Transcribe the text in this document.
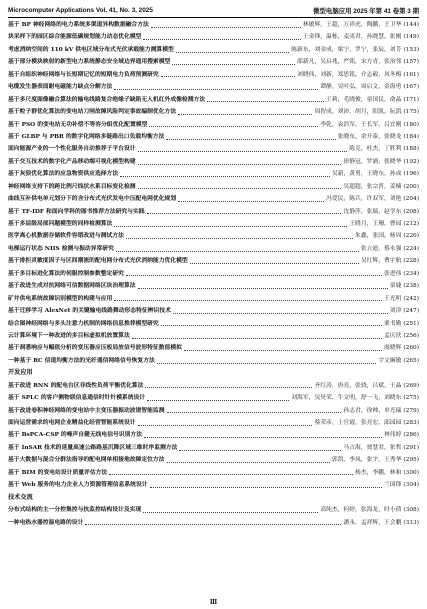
Microcomputer Applications Vol. 41, No. 3, 2025	微型电脑应用 2025 年第 41 卷第 3 期
基于 BP 神经网络的电力系统多渠道异构数据融合方法	林敏辉，王超，万祥虎，陶鹏，王卫华 (144)
块采样下的园区综合能源低碳规划能力动态优化模型	王金锋，温栋，麦夷君，孙晓慧，张刚 (149)
考虑消纳空间的 110 kV 供电区域分布式光伏承载能力测算模型	陈新东，刘金成，梁宁，罗宁，张辰，刘芳 (153)
基于部分模块映射的新型电力系统静态安全域边界通用搜索模型	邵新凡，吴启兆，严铭，宋方青，张治邻 (157)
基于自组织神经网络与长短期记忆的短期电力负荷预测研究	刘晓伟，刘新，郑思铭，介志毅，风冬梅 (161)
电缆发生器表面耐电磁能力缺点分解方法	谭静，吴叶弘，周启文，金海勇 (167)
基于多尺度图像融合算法的输电线路复合绝缘子缺陷无人机红外成像检测方法	王莉，毛晓俊，童国民，俞晶 (171)
基于粒子群优化算法的变电站刀闸故障风险判定事故编制优化方法	周智成，刘沛，胡月，阳凯，阮凯 (175)
基于 PSO 的变电站无功补偿不等容分组优化配置模型	李乾，袁浩军，王长军，吕宜刚 (180)
基于 GLBP 与 PBR 的数字化网络多链路出口负载均衡方法	张晓东，余开泰，张晓龙 (184)
面向能源产业的一个性化服务自动推荐子平台设计	陈竞，杜杰，丁胜利 (188)
基于交互技术的数字化产品移动端可视化模型构建	徐静冠，罗浦，张晓华 (192)
基于灰狼优化算法的应急物资供应选择方法	吴新，黄勇，王晓东，孙成 (196)
神经网络支持下的跨比例尺线状水系目标变化检测	吴超超，张宗普，姜楠 (200)
曲线互补供电单元划分下的含分布式光伏发电中压配电网优化规划	冯爱民，陈兵，许双军，刘艳 (204)
基于 TF-IDF 和面向学科的图书推荐方法研究与实践	沈静萍，张瑞，赵学东 (208)
基于多层级局部问题模型的同样检测算法	王晓月，王珊，曹园 (212)
医学离心机数据存储软件容错改进与测试方法	朱鑫，张国，杨周 (220)
电梯运行状态 NIIS 检测与振动异常研究	张立迪，蔡永强 (224)
基于排拒灵敏度因子与区间潮流的配电网分布式光伏消纳能力优化模型	吴红辉，曹宇航 (228)
基于多目标进化算法的伺服控制参数整定研究	张进伟 (234)
基于改进生成对抗网络可信数据网络区块治理算法	童婕 (238)
矿井供电系统故障识别模型的构建与应用	王光明 (242)
基于迁移学习 AlexNet 的关键输电线路舞动形态特征辨识技术	刘津 (247)
结合图神经网络与多头注意力机制的网络信息推荐模型研究	栗书勤 (251)
云计算环境下一种改进的多目标虚拟机放置算法	孟庆扶 (256)
基于洞悉响应与幅值分析的变压器应压板局放信号波形特征数值模拟	虞晓辉 (260)
一种基于 RC 信道均衡方法的光纤通信网络信号恢复方法	宇文娴敏 (265)
开发应用
基于改进 RNN 的配电台区非线性负荷平衡优化算法	齐红涛，唐亮，张骁，吕斌，王晶 (269)
基于 SPLC 的客户侧物联信息通信时针针模系统设计	刘海军，吴昊荣，牛文明，舒一飞，刘晓东 (275)
基于改进卷积神经网络的变电站中主变压器振动波谱智能监测	孙志君，徐帅，单光瑞 (279)
面向运营需求的电网企业精益化经营智能系统设计	蔡荣彦，上官霞，张亮宏，邱园园 (283)
基于 BsPCA-CSP 的噪声自健无线电信号识别方法	林伟婷 (286)
基于 InSAR 技术的延量高速公路路基沉降区域三维时序监测方法	马占海，贾慧君，张哲 (291)
基于大数据与混合分群法指导的配电网单相接地故障定位方法	郭凯，李凤，张宇，王秀华 (295)
基于 BIM 的变电站设计质量评估方法	杨杰，李鹏，林和 (300)
基于 Web 服务的电力企业人力资源管理信息系统设计	兰国锋 (304)
技术交流
分布式结构的主一分控集控与抗监控结构设计及实现	高纯杰，何婷，张海龙，时小倩 (308)
一种电热水器控温电路的设计	潘永，孟祥辉，王会鹏 (313)
Ⅲ
